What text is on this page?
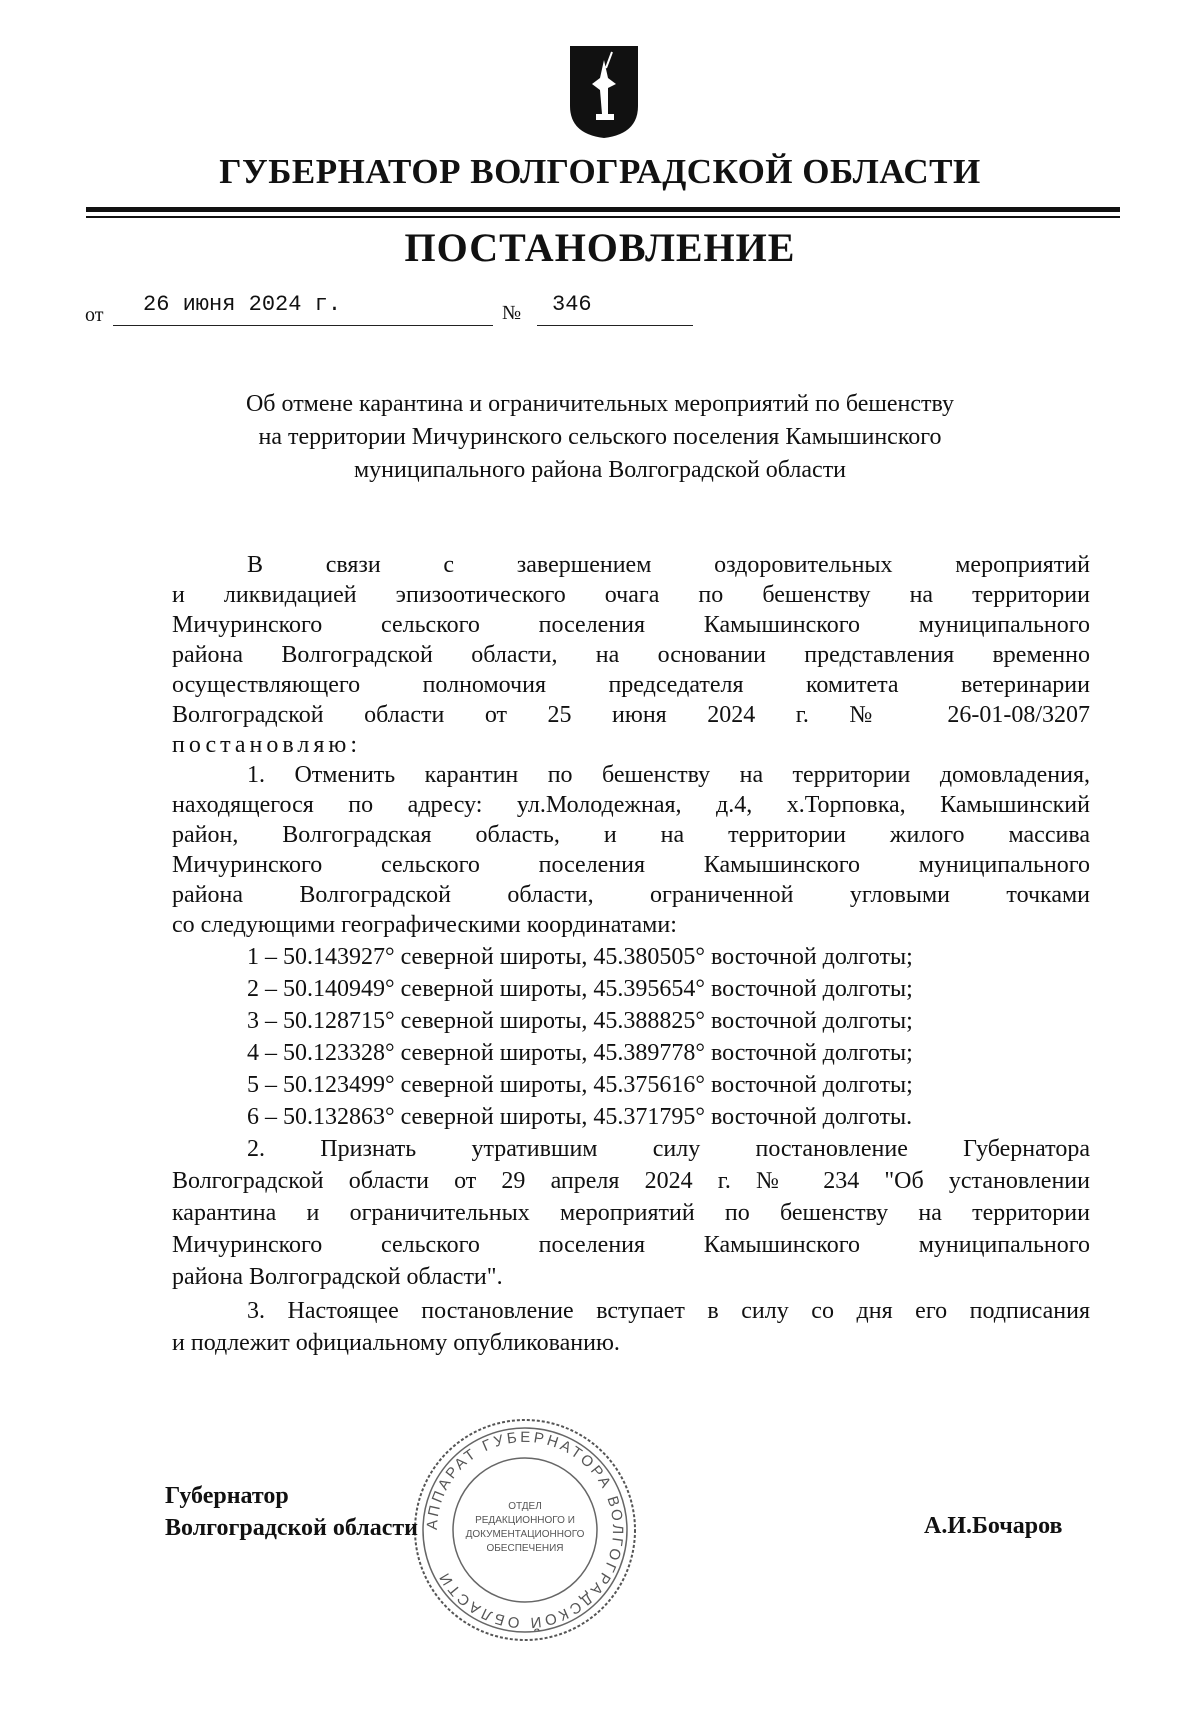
ГУБЕРНАТОР ВОЛГОГРАДСКОЙ ОБЛАСТИ
ПОСТАНОВЛЕНИЕ
от 26 июня 2024 г.	№ 346
Об отмене карантина и ограничительных мероприятий по бешенству
на территории Мичуринского сельского поселения Камышинского
муниципального района Волгоградской области
В связи с завершением оздоровительных мероприятий
и ликвидацией эпизоотического очага по бешенству на территории
Мичуринского сельского поселения Камышинского муниципального
района Волгоградской области, на основании представления временно
осуществляющего полномочия председателя комитета ветеринарии
Волгоградской области от 25 июня 2024 г. № 26-01-08/3207
постановляю:
1. Отменить карантин по бешенству на территории домовладения,
находящегося по адресу: ул.Молодежная, д.4, х.Торповка, Камышинский
район, Волгоградская область, и на территории жилого массива
Мичуринского сельского поселения Камышинского муниципального
района Волгоградской области, ограниченной угловыми точками
со следующими географическими координатами:
1 – 50.143927° северной широты, 45.380505° восточной долготы;
2 – 50.140949° северной широты, 45.395654° восточной долготы;
3 – 50.128715° северной широты, 45.388825° восточной долготы;
4 – 50.123328° северной широты, 45.389778° восточной долготы;
5 – 50.123499° северной широты, 45.375616° восточной долготы;
6 – 50.132863° северной широты, 45.371795° восточной долготы.
2. Признать утратившим силу постановление Губернатора
Волгоградской области от 29 апреля 2024 г. № 234 "Об установлении
карантина и ограничительных мероприятий по бешенству на территории
Мичуринского сельского поселения Камышинского муниципального
района Волгоградской области".
3. Настоящее постановление вступает в силу со дня его подписания
и подлежит официальному опубликованию.
АППАРАТ ГУБЕРНАТОРА ВОЛГОГРАДСКОЙ ОБЛАСТИ
ОТДЕЛ
РЕДАКЦИОННОГО И
ДОКУМЕНТАЦИОННОГО
ОБЕСПЕЧЕНИЯ
Губернатор
Волгоградской области	А.И.Бочаров
